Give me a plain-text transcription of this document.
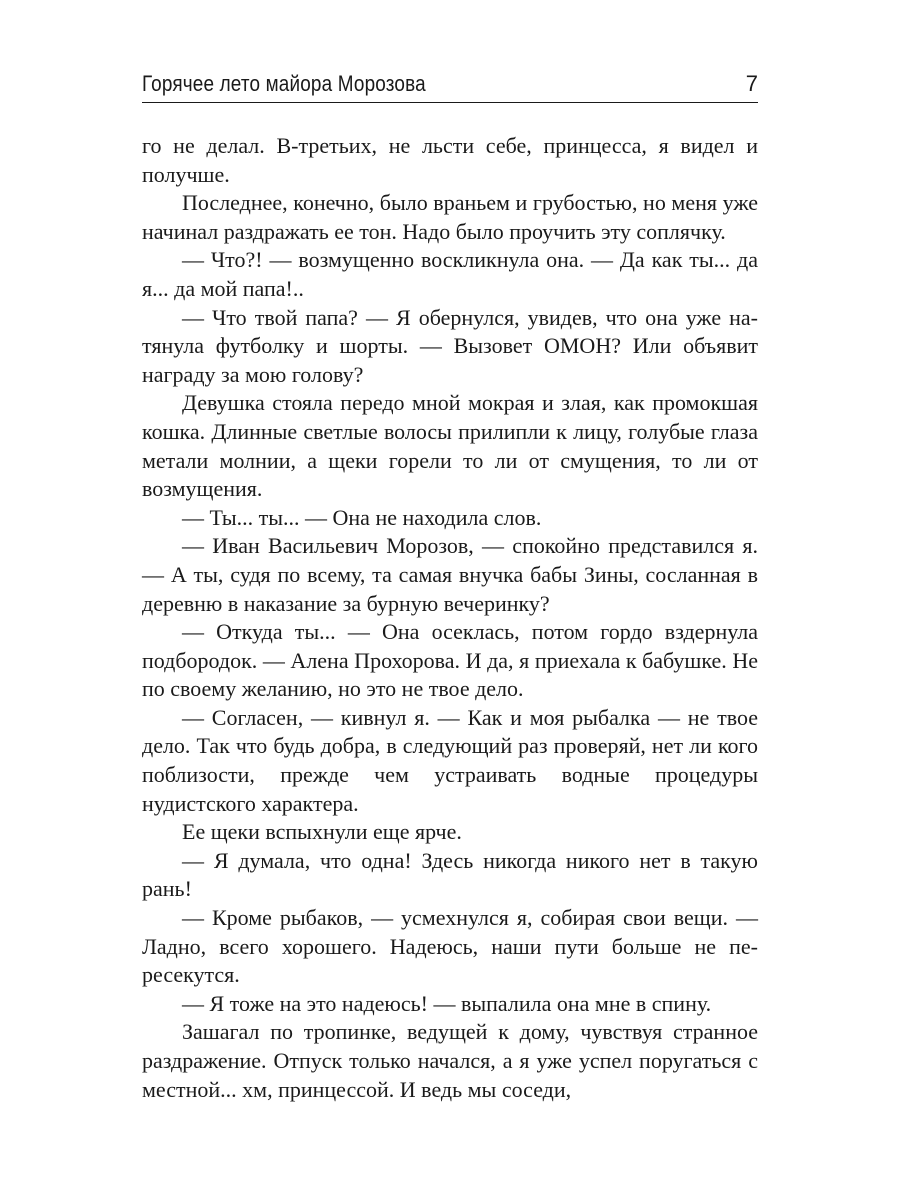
Горячее лето майора Морозова	7

го не делал. В-третьих, не льсти себе, принцесса, я видел и получше.

Последнее, конечно, было враньем и грубостью, но меня уже начинал раздражать ее тон. Надо было проучить эту соплячку.

— Что?! — возмущенно воскликнула она. — Да как ты... да я... да мой папа!..

— Что твой папа? — Я обернулся, увидев, что она уже натянула футболку и шорты. — Вызовет ОМОН? Или объявит награду за мою голову?

Девушка стояла передо мной мокрая и злая, как промокшая кошка. Длинные светлые волосы прилипли к лицу, голубые глаза метали молнии, а щеки горели то ли от смущения, то ли от возмущения.

— Ты... ты... — Она не находила слов.

— Иван Васильевич Морозов, — спокойно представился я. — А ты, судя по всему, та самая внучка бабы Зины, сосланная в деревню в наказание за бурную вечеринку?

— Откуда ты... — Она осеклась, потом гордо вздернула подбородок. — Алена Прохорова. И да, я приехала к бабушке. Не по своему желанию, но это не твое дело.

— Согласен, — кивнул я. — Как и моя рыбалка — не твое дело. Так что будь добра, в следующий раз проверяй, нет ли кого поблизости, прежде чем устраивать водные процедуры нудистского характера.

Ее щеки вспыхнули еще ярче.

— Я думала, что одна! Здесь никогда никого нет в такую рань!

— Кроме рыбаков, — усмехнулся я, собирая свои вещи. — Ладно, всего хорошего. Надеюсь, наши пути больше не пересекутся.

— Я тоже на это надеюсь! — выпалила она мне в спину.

Зашагал по тропинке, ведущей к дому, чувствуя странное раздражение. Отпуск только начался, а я уже успел поругаться с местной... хм, принцессой. И ведь мы соседи,
